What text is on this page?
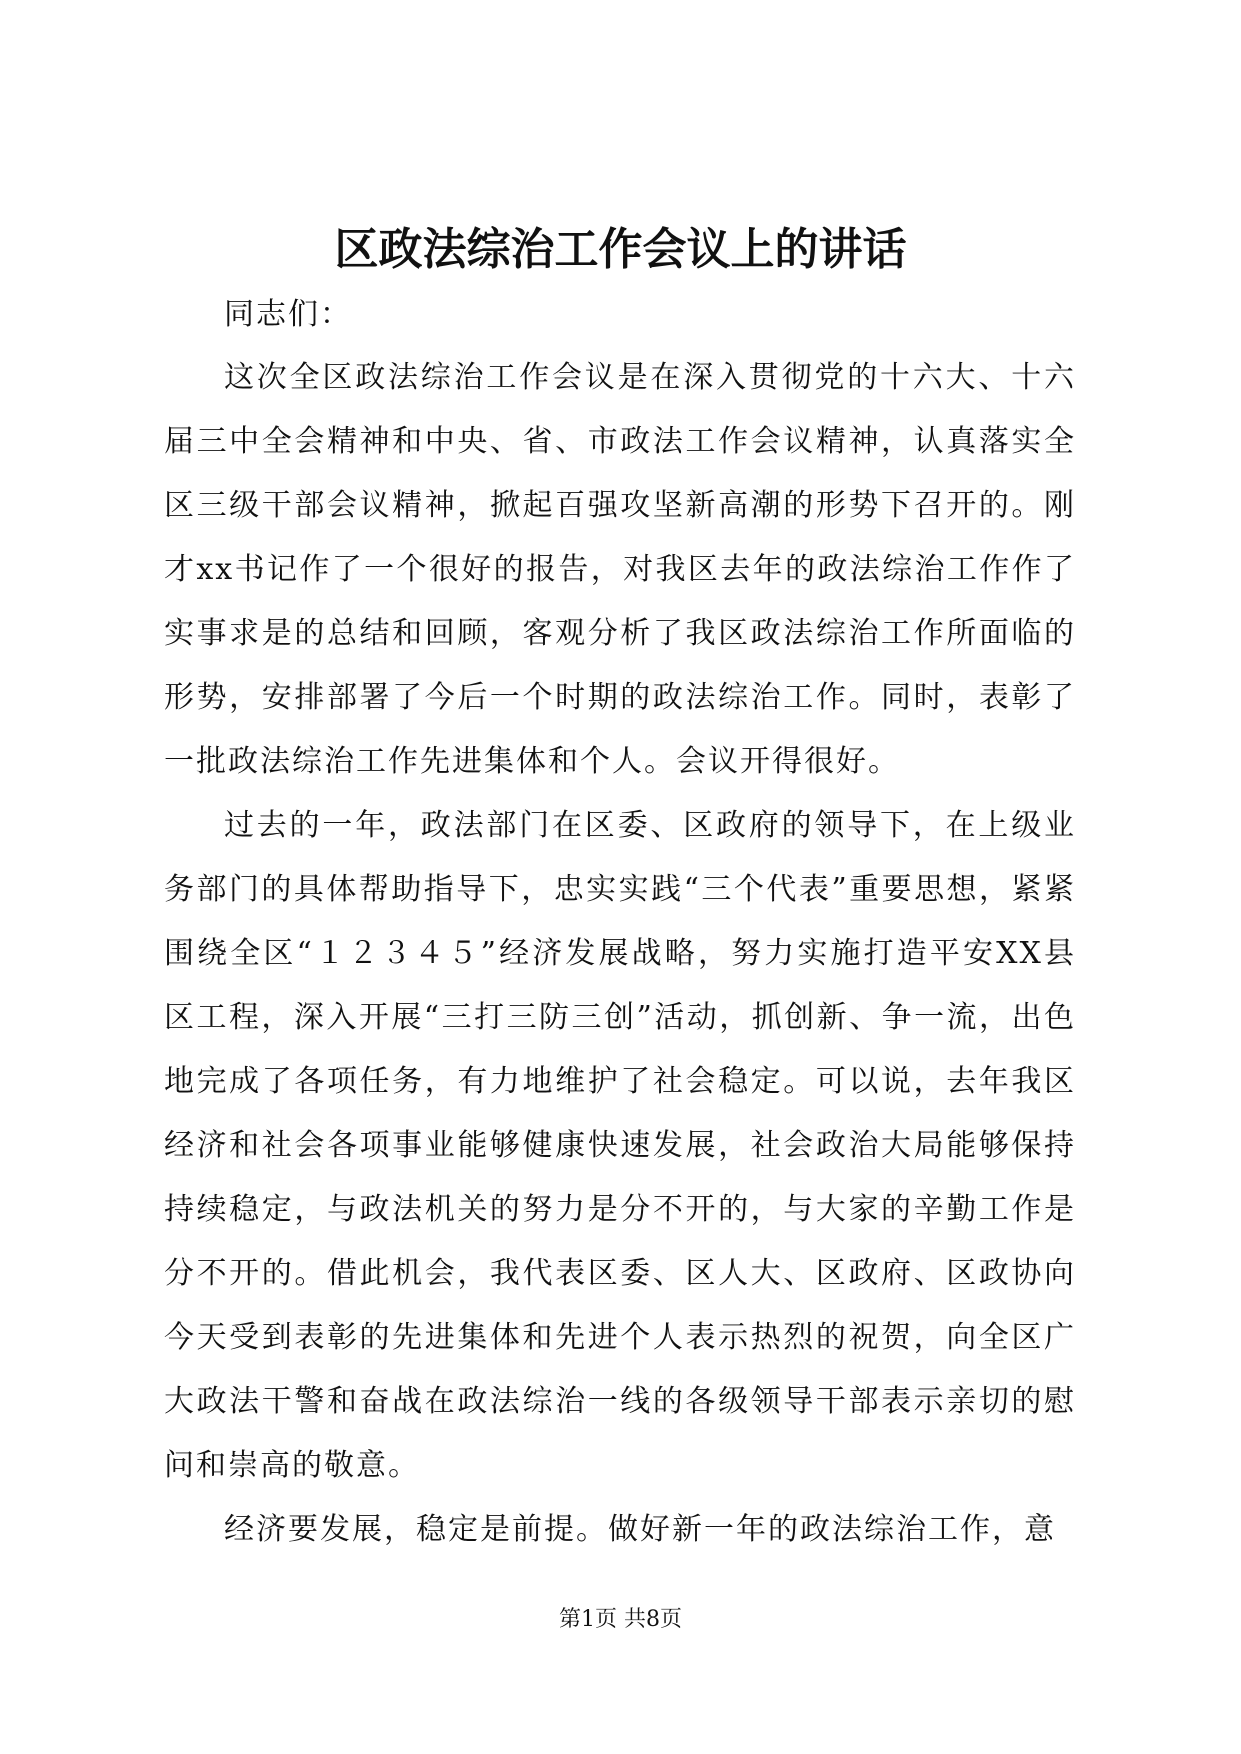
区政法综治工作会议上的讲话

同志们：

这次全区政法综治工作会议是在深入贯彻党的十六大、十六届三中全会精神和中央、省、市政法工作会议精神，认真落实全区三级干部会议精神，掀起百强攻坚新高潮的形势下召开的。刚才xx书记作了一个很好的报告，对我区去年的政法综治工作作了实事求是的总结和回顾，客观分析了我区政法综治工作所面临的形势，安排部署了今后一个时期的政法综治工作。同时，表彰了一批政法综治工作先进集体和个人。会议开得很好。

过去的一年，政法部门在区委、区政府的领导下，在上级业务部门的具体帮助指导下，忠实实践“三个代表”重要思想，紧紧围绕全区“１２３４５”经济发展战略，努力实施打造平安XX县区工程，深入开展“三打三防三创”活动，抓创新、争一流，出色地完成了各项任务，有力地维护了社会稳定。可以说，去年我区经济和社会各项事业能够健康快速发展，社会政治大局能够保持持续稳定，与政法机关的努力是分不开的，与大家的辛勤工作是分不开的。借此机会，我代表区委、区人大、区政府、区政协向今天受到表彰的先进集体和先进个人表示热烈的祝贺，向全区广大政法干警和奋战在政法综治一线的各级领导干部表示亲切的慰问和崇高的敬意。

经济要发展，稳定是前提。做好新一年的政法综治工作，意

第1页 共8页
